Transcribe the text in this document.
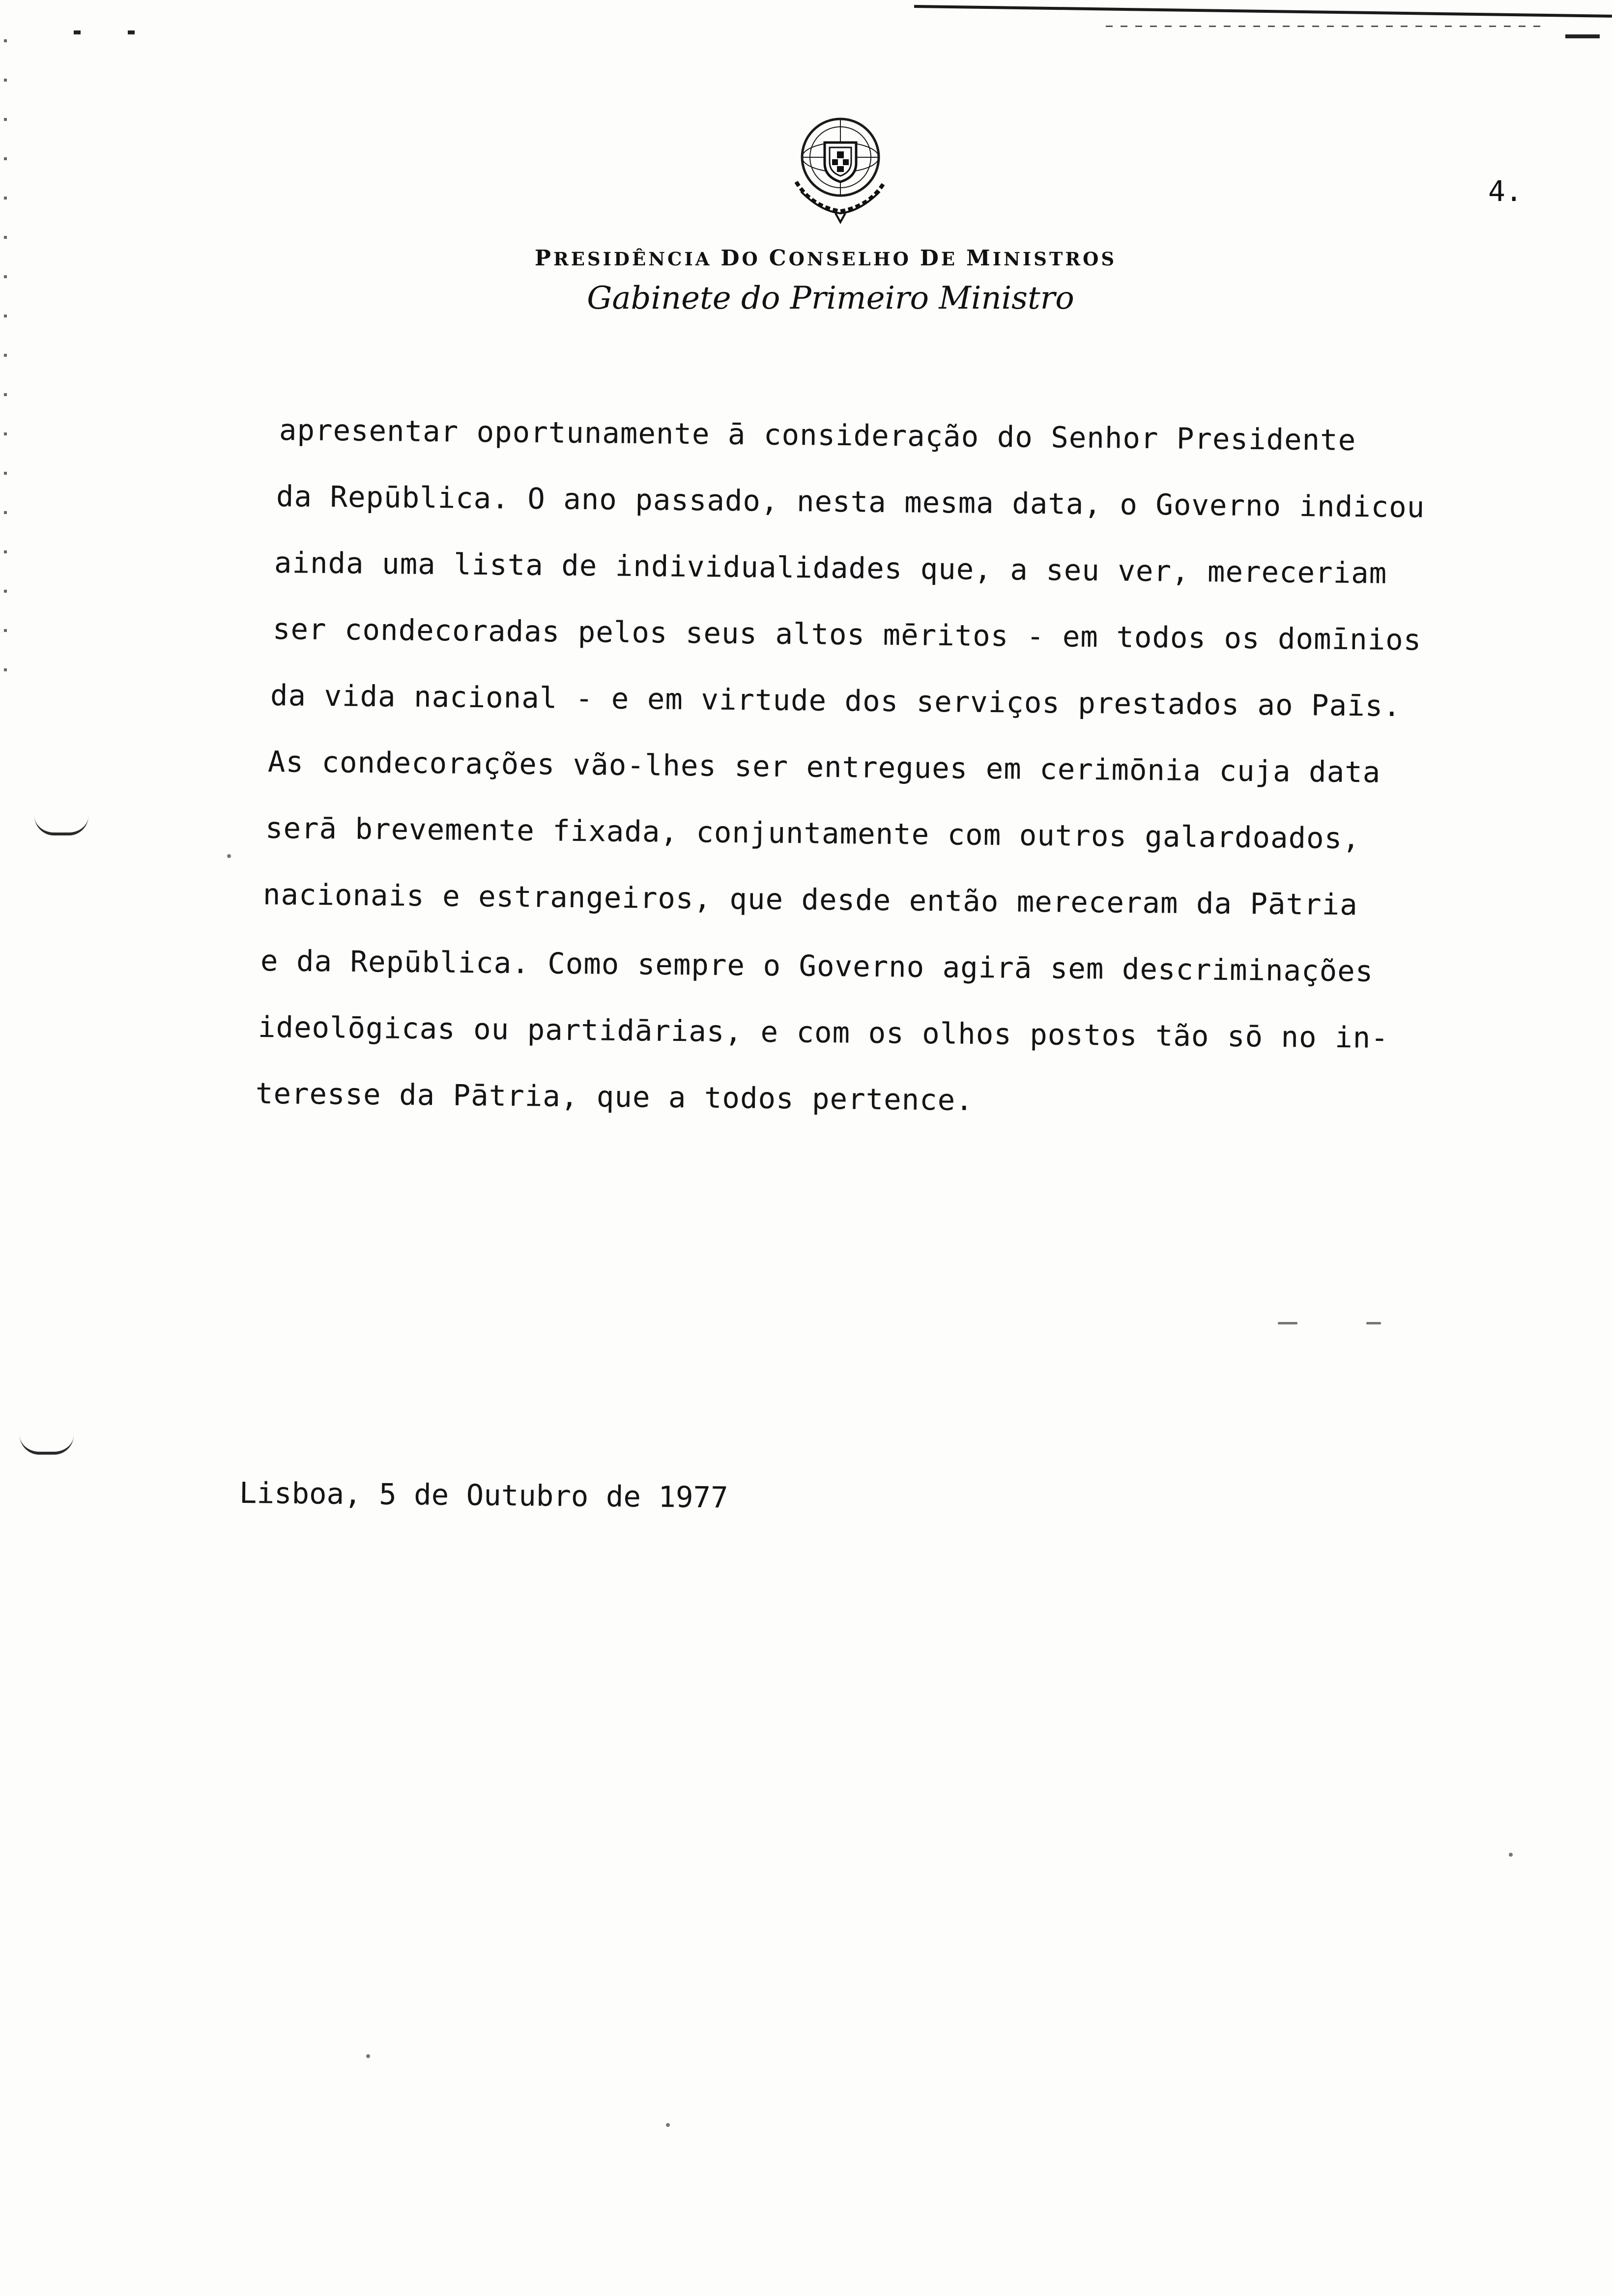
PRESIDÊNCIA DO CONSELHO DE MINISTROS
Gabinete do Primeiro Ministro
4.
apresentar oportunamente ā consideração do Senhor Presidente
da Repūblica. O ano passado, nesta mesma data, o Governo indicou
ainda uma lista de individualidades que, a seu ver, mereceriam
ser condecoradas pelos seus altos mēritos - em todos os domīnios
da vida nacional - e em virtude dos serviços prestados ao Paīs.
As condecorações vão-lhes ser entregues em cerimōnia cuja data
serā brevemente fixada, conjuntamente com outros galardoados,
nacionais e estrangeiros, que desde então mereceram da Pātria
e da Repūblica. Como sempre o Governo agirā sem descriminações
ideolōgicas ou partidārias, e com os olhos postos tão sō no in-
teresse da Pātria, que a todos pertence.
Lisboa, 5 de Outubro de 1977
